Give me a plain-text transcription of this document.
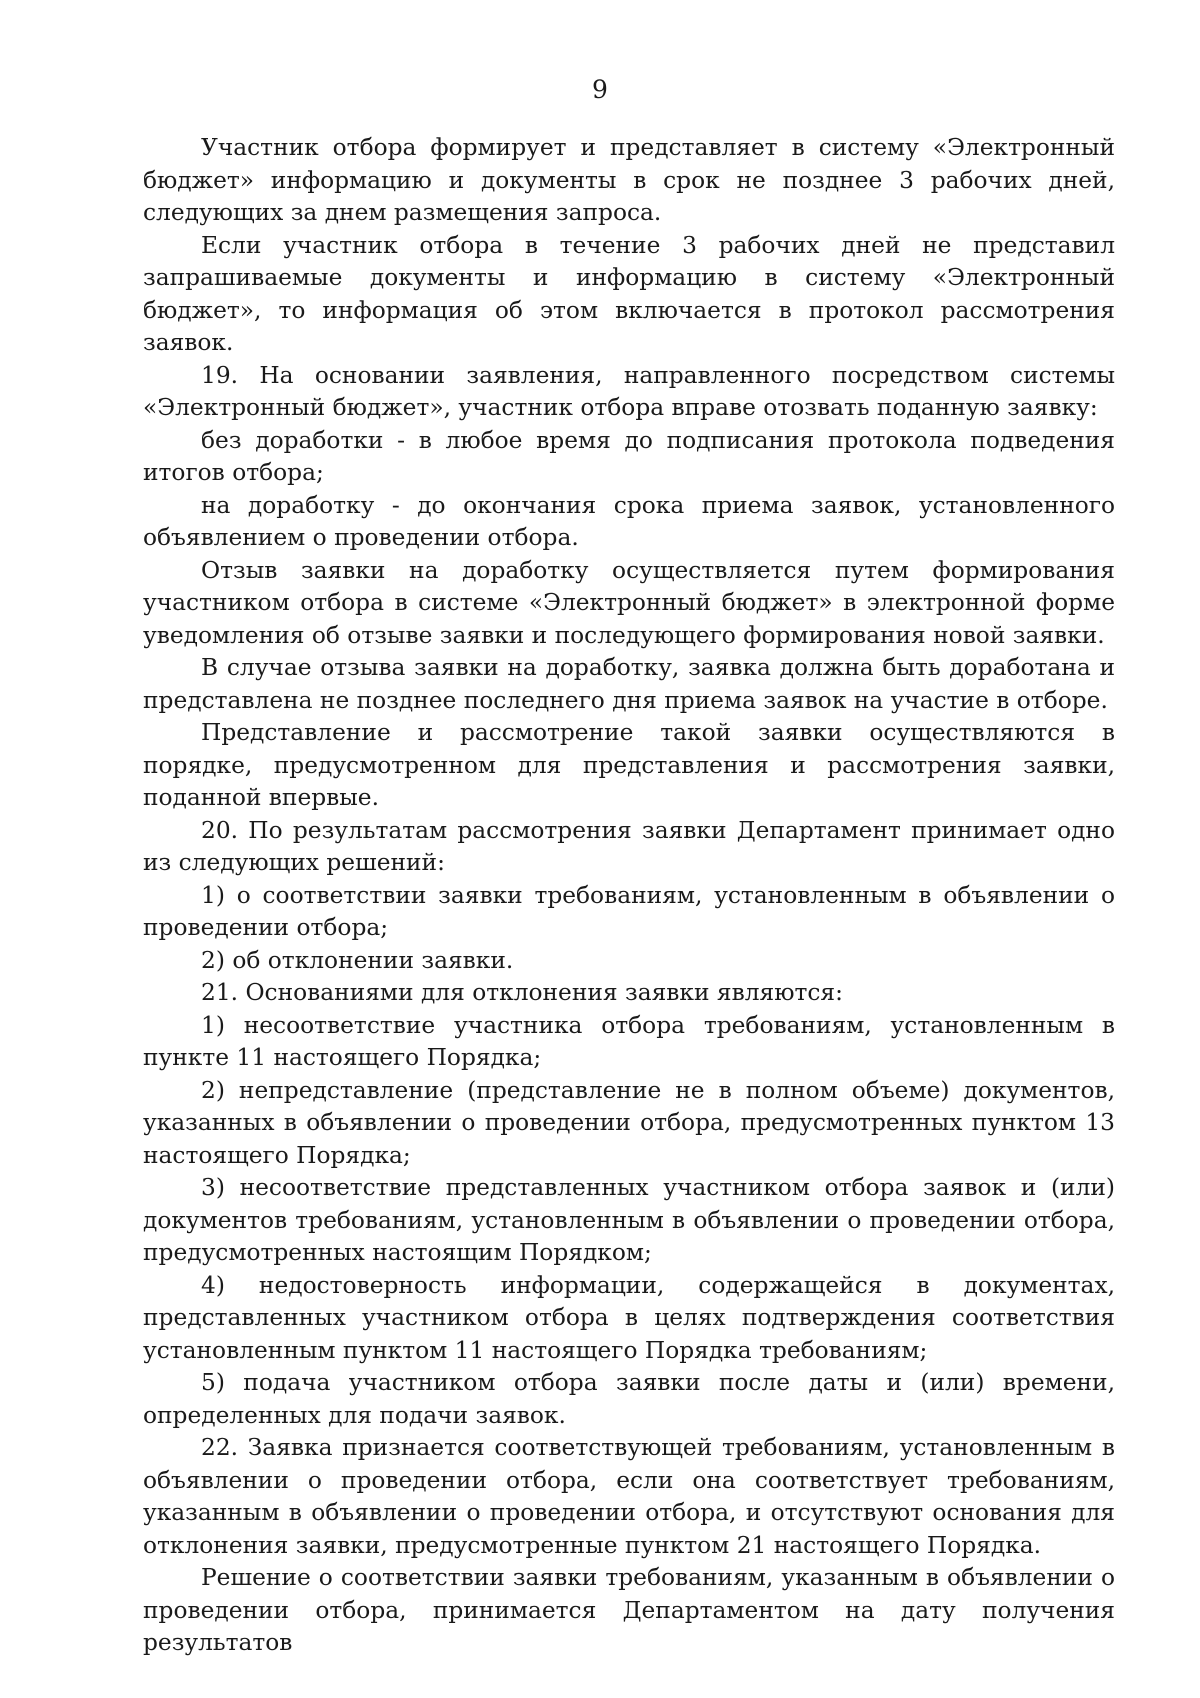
9

Участник отбора формирует и представляет в систему «Электронный бюджет» информацию и документы в срок не позднее 3 рабочих дней, следующих за днем размещения запроса.

Если участник отбора в течение 3 рабочих дней не представил запрашиваемые документы и информацию в систему «Электронный бюджет», то информация об этом включается в протокол рассмотрения заявок.

19. На основании заявления, направленного посредством системы «Электронный бюджет», участник отбора вправе отозвать поданную заявку:

без доработки - в любое время до подписания протокола подведения итогов отбора;

на доработку - до окончания срока приема заявок, установленного объявлением о проведении отбора.

Отзыв заявки на доработку осуществляется путем формирования участником отбора в системе «Электронный бюджет» в электронной форме уведомления об отзыве заявки и последующего формирования новой заявки.

В случае отзыва заявки на доработку, заявка должна быть доработана и представлена не позднее последнего дня приема заявок на участие в отборе.

Представление и рассмотрение такой заявки осуществляются в порядке, предусмотренном для представления и рассмотрения заявки, поданной впервые.

20. По результатам рассмотрения заявки Департамент принимает одно из следующих решений:

1) о соответствии заявки требованиям, установленным в объявлении о проведении отбора;

2) об отклонении заявки.

21. Основаниями для отклонения заявки являются:

1) несоответствие участника отбора требованиям, установленным в пункте 11 настоящего Порядка;

2) непредставление (представление не в полном объеме) документов, указанных в объявлении о проведении отбора, предусмотренных пунктом 13 настоящего Порядка;

3) несоответствие представленных участником отбора заявок и (или) документов требованиям, установленным в объявлении о проведении отбора, предусмотренных настоящим Порядком;

4) недостоверность информации, содержащейся в документах, представленных участником отбора в целях подтверждения соответствия установленным пунктом 11 настоящего Порядка требованиям;

5) подача участником отбора заявки после даты и (или) времени, определенных для подачи заявок.

22. Заявка признается соответствующей требованиям, установленным в объявлении о проведении отбора, если она соответствует требованиям, указанным в объявлении о проведении отбора, и отсутствуют основания для отклонения заявки, предусмотренные пунктом 21 настоящего Порядка.

Решение о соответствии заявки требованиям, указанным в объявлении о проведении отбора, принимается Департаментом на дату получения результатов
